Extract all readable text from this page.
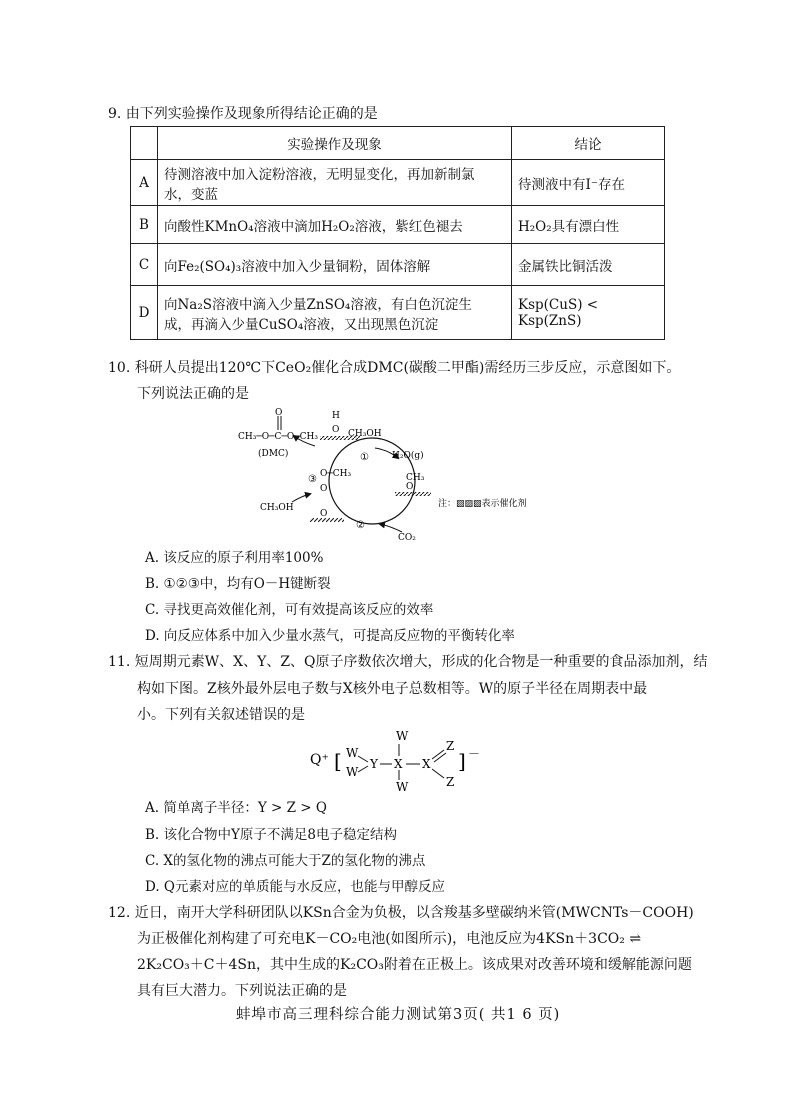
9. 由下列实验操作及现象所得结论正确的是
	实验操作及现象	结论
A	待测溶液中加入淀粉溶液，无明显变化，再加新制氯
水，变蓝	待测液中有I⁻存在
B	向酸性KMnO₄溶液中滴加H₂O₂溶液，紫红色褪去	H₂O₂具有漂白性
C	向Fe₂(SO₄)₃溶液中加入少量铜粉，固体溶解	金属铁比铜活泼
D	向Na₂S溶液中滴入少量ZnSO₄溶液，有白色沉淀生
成，再滴入少量CuSO₄溶液，又出现黑色沉淀	Ksp(CuS) < Ksp(ZnS)
10. 科研人员提出120℃下CeO₂催化合成DMC(碳酸二甲酯)需经历三步反应，示意图如下。
下列说法正确的是
CH₃─O─C─O─CH₃
O
(DMC)
H
O CH₃OH
①
②
③
H₂O(g)
CH₃
O
注：▨▨▨表示催化剂
CO₂
O─CH₃
O
O
CH₃OH
A. 该反应的原子利用率100%
B. ①②③中，均有O－H键断裂
C. 寻找更高效催化剂，可有效提高该反应的效率
D. 向反应体系中加入少量水蒸气，可提高反应物的平衡转化率
11. 短周期元素W、X、Y、Z、Q原子序数依次增大，形成的化合物是一种重要的食品添加剂，结
构如下图。Z核外最外层电子数与X核外电子总数相等。W的原子半径在周期表中最
小。下列有关叙述错误的是
Q⁺ [ W
W
Y X
W
W
X
Z
Z
] －
A. 简单离子半径：Y > Z > Q
B. 该化合物中Y原子不满足8电子稳定结构
C. X的氢化物的沸点可能大于Z的氢化物的沸点
D. Q元素对应的单质能与水反应，也能与甲醇反应
12. 近日，南开大学科研团队以KSn合金为负极，以含羧基多壁碳纳米管(MWCNTs－COOH)
为正极催化剂构建了可充电K－CO₂电池(如图所示)，电池反应为4KSn＋3CO₂ ⇌
2K₂CO₃＋C＋4Sn，其中生成的K₂CO₃附着在正极上。该成果对改善环境和缓解能源问题
具有巨大潜力。下列说法正确的是
蚌埠市高三理科综合能力测试第3页( 共1 6 页)
